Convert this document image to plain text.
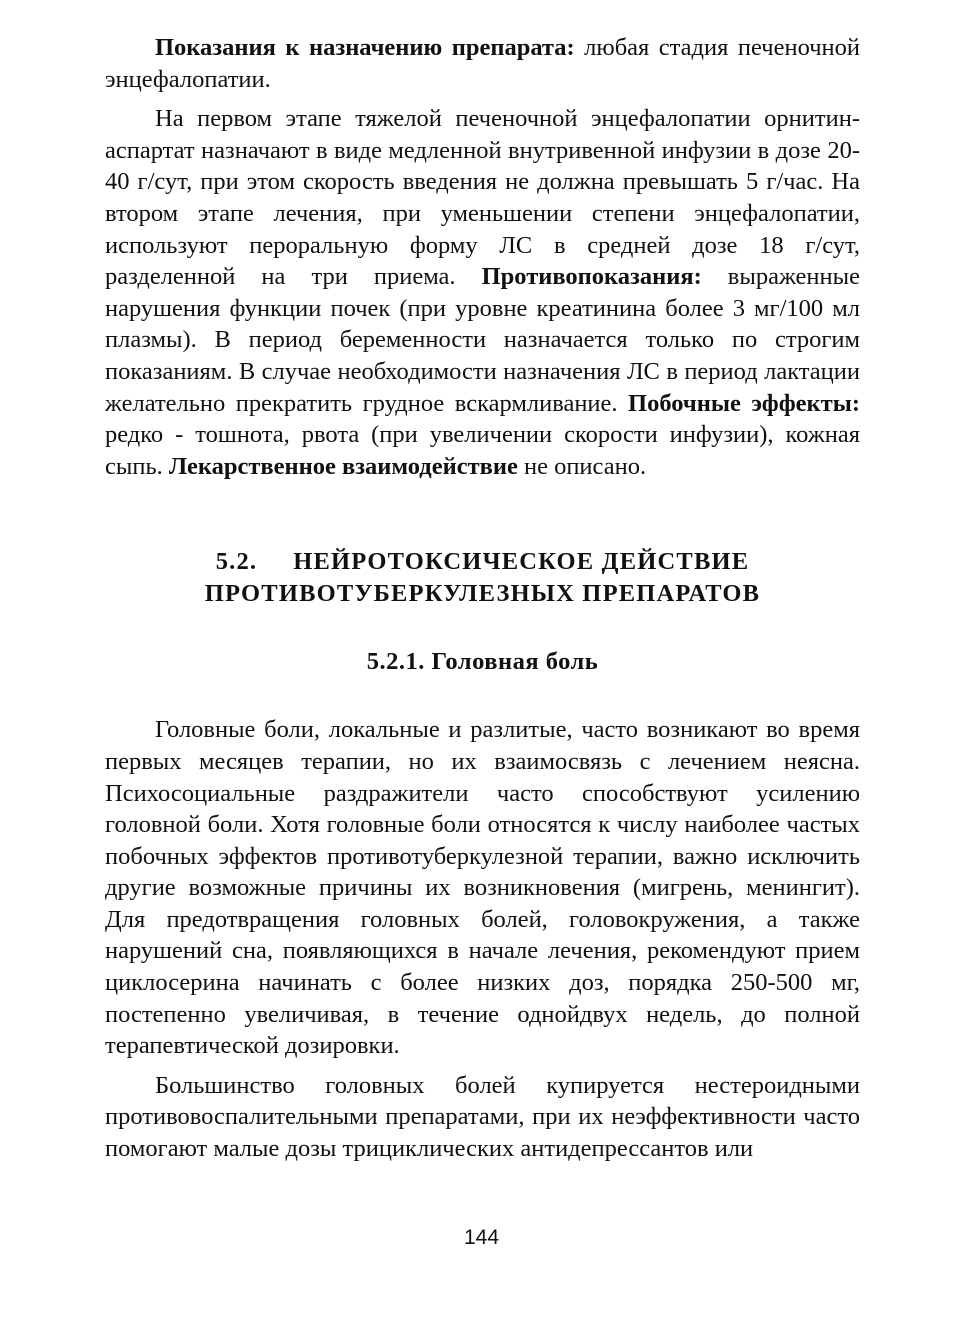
Показания к назначению препарата: любая стадия печеночной энцефалопатии.

На первом этапе тяжелой печеночной энцефалопатии орнитин-аспартат назначают в виде медленной внутривенной инфузии в дозе 20-40 г/сут, при этом скорость введения не должна превышать 5 г/час. На втором этапе лечения, при уменьшении степени энцефалопатии, используют пероральную форму ЛС в средней дозе 18 г/сут, разделенной на три приема. Противопоказания: выраженные нарушения функции почек (при уровне креатинина более 3 мг/100 мл плазмы). В период беременности назначается только по строгим показаниям. В случае необходимости назначения ЛС в период лактации желательно прекратить грудное вскармливание. Побочные эффекты: редко - тошнота, рвота (при увеличении скорости инфузии), кожная сыпь. Лекарственное взаимодействие не описано.

5.2. НЕЙРОТОКСИЧЕСКОЕ ДЕЙСТВИЕ
ПРОТИВОТУБЕРКУЛЕЗНЫХ ПРЕПАРАТОВ
5.2.1. Головная боль

Головные боли, локальные и разлитые, часто возникают во время первых месяцев терапии, но их взаимосвязь с лечением неясна. Психосоциальные раздражители часто способствуют усилению головной боли. Хотя головные боли относятся к числу наиболее частых побочных эффектов противотуберкулезной терапии, важно исключить другие возможные причины их возникновения (мигрень, менингит). Для предотвращения головных болей, головокружения, а также нарушений сна, появляющихся в начале лечения, рекомендуют прием циклосерина начинать с более низких доз, порядка 250-500 мг, постепенно увеличивая, в течение однойдвух недель, до полной терапевтической дозировки.

Большинство головных болей купируется нестероидными противовоспалительными препаратами, при их неэффективности часто помогают малые дозы трициклических антидепрессантов или

144
